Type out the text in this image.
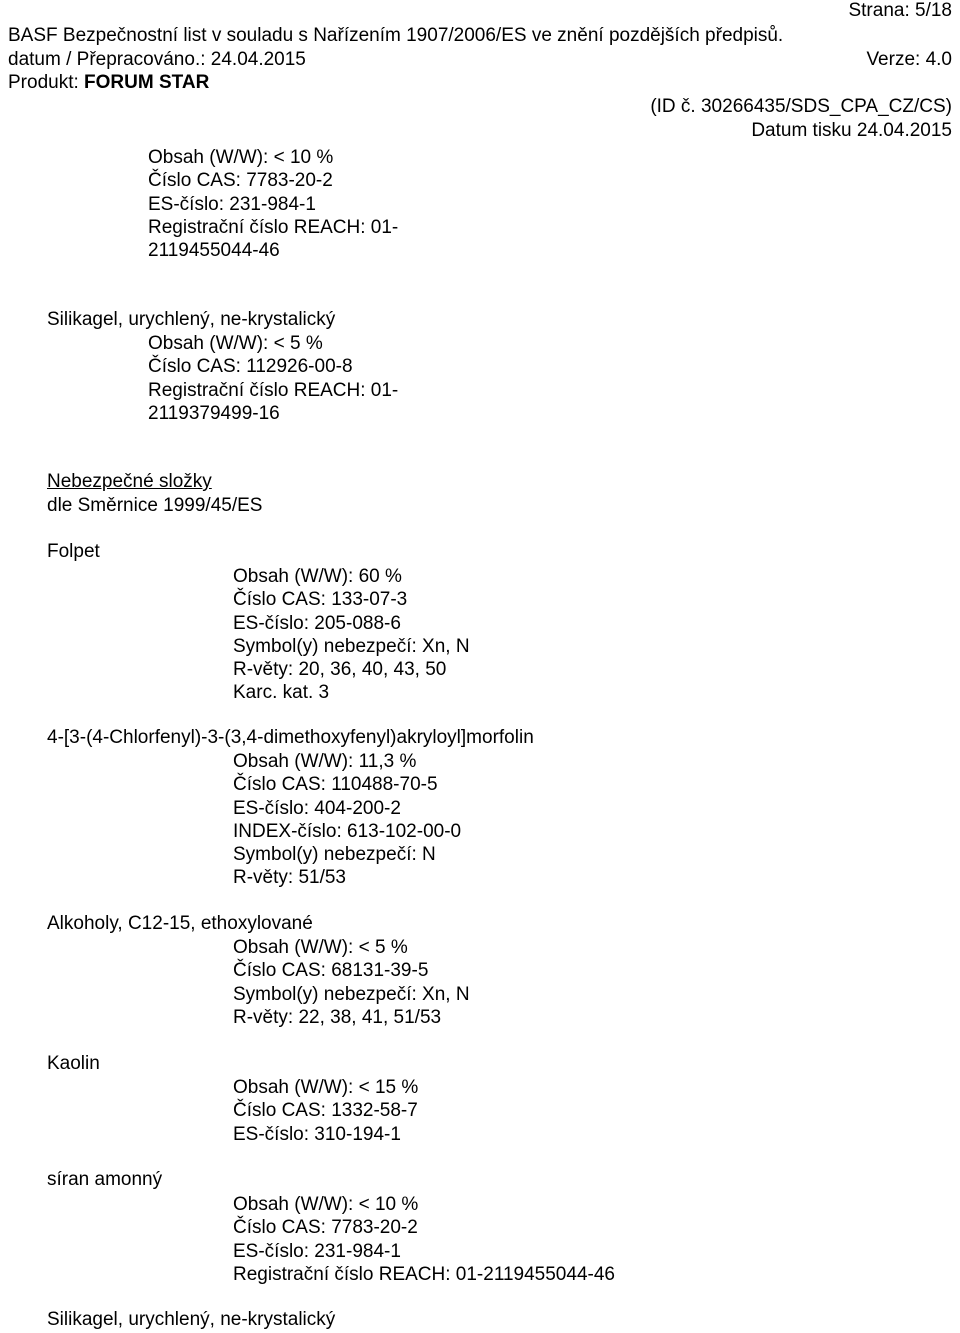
Strana: 5/18
BASF Bezpečnostní list v souladu s Nařízením 1907/2006/ES ve znění pozdějších předpisů.
datum / Přepracováno.: 24.04.2015	Verze: 4.0
Produkt: FORUM STAR
(ID č. 30266435/SDS_CPA_CZ/CS)
Datum tisku 24.04.2015
Obsah (W/W): < 10 %
Číslo CAS: 7783-20-2
ES-číslo: 231-984-1
Registrační číslo REACH: 01-
2119455044-46
Silikagel, urychlený, ne-krystalický
Obsah (W/W): < 5 %
Číslo CAS: 112926-00-8
Registrační číslo REACH: 01-
2119379499-16
Nebezpečné složky
dle Směrnice 1999/45/ES
Folpet
Obsah (W/W): 60 %
Číslo CAS: 133-07-3
ES-číslo: 205-088-6
Symbol(y) nebezpečí: Xn, N
R-věty: 20, 36, 40, 43, 50
Karc. kat. 3
4-[3-(4-Chlorfenyl)-3-(3,4-dimethoxyfenyl)akryloyl]morfolin
Obsah (W/W): 11,3 %
Číslo CAS: 110488-70-5
ES-číslo: 404-200-2
INDEX-číslo: 613-102-00-0
Symbol(y) nebezpečí: N
R-věty: 51/53
Alkoholy, C12-15, ethoxylované
Obsah (W/W): < 5 %
Číslo CAS: 68131-39-5
Symbol(y) nebezpečí: Xn, N
R-věty: 22, 38, 41, 51/53
Kaolin
Obsah (W/W): < 15 %
Číslo CAS: 1332-58-7
ES-číslo: 310-194-1
síran amonný
Obsah (W/W): < 10 %
Číslo CAS: 7783-20-2
ES-číslo: 231-984-1
Registrační číslo REACH: 01-2119455044-46
Silikagel, urychlený, ne-krystalický
